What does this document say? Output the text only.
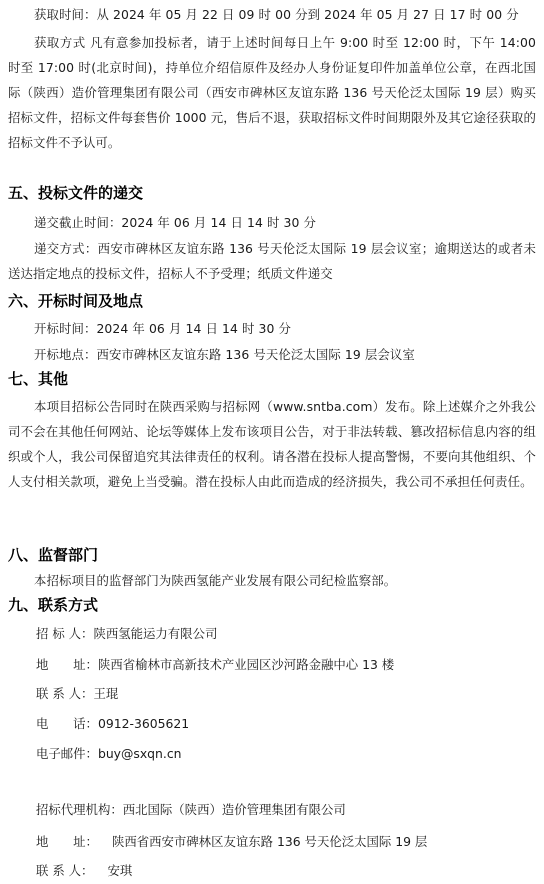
获取时间：从 2024 年 05 月 22 日 09 时 00 分到 2024 年 05 月 27 日 17 时 00 分

获取方式 凡有意参加投标者，请于上述时间每日上午 9:00 时至 12:00 时，下午 14:00 时至 17:00 时(北京时间)，持单位介绍信原件及经办人身份证复印件加盖单位公章，在西北国际（陕西）造价管理集团有限公司（西安市碑林区友谊东路 136 号天伦泛太国际 19 层）购买招标文件，招标文件每套售价 1000 元，售后不退，获取招标文件时间期限外及其它途径获取的招标文件不予认可。

五、投标文件的递交

递交截止时间：2024 年 06 月 14 日 14 时 30 分

递交方式：西安市碑林区友谊东路 136 号天伦泛太国际 19 层会议室；逾期送达的或者未送达指定地点的投标文件，招标人不予受理；纸质文件递交

六、开标时间及地点

开标时间：2024 年 06 月 14 日 14 时 30 分

开标地点：西安市碑林区友谊东路 136 号天伦泛太国际 19 层会议室

七、其他

本项目招标公告同时在陕西采购与招标网（www.sntba.com）发布。除上述媒介之外我公司不会在其他任何网站、论坛等媒体上发布该项目公告，对于非法转载、篡改招标信息内容的组织或个人，我公司保留追究其法律责任的权利。请各潜在投标人提高警惕，不要向其他组织、个人支付相关款项，避免上当受骗。潜在投标人由此而造成的经济损失，我公司不承担任何责任。

八、监督部门

本招标项目的监督部门为陕西氢能产业发展有限公司纪检监察部。

九、联系方式
招 标 人：陕西氢能运力有限公司
地　　址：陕西省榆林市高新技术产业园区沙河路金融中心 13 楼
联 系 人：王琨
电　　话：0912-3605621
电子邮件：buy@sxqn.cn
招标代理机构：西北国际（陕西）造价管理集团有限公司
地　　址： 陕西省西安市碑林区友谊东路 136 号天伦泛太国际 19 层
联 系 人： 安琪
